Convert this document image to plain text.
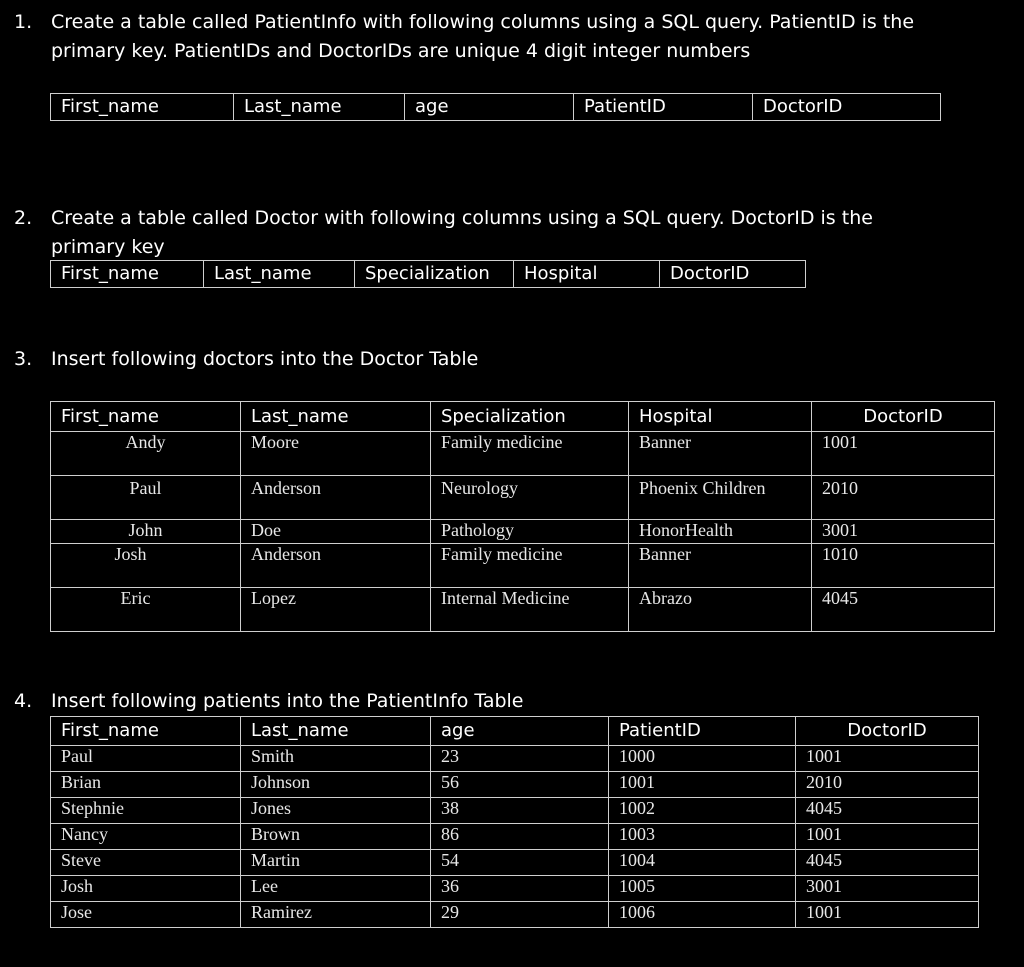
1. Create a table called PatientInfo with following columns using a SQL query. PatientID is the primary key. PatientIDs and DoctorIDs are unique 4 digit integer numbers
First_name	Last_name	age	PatientID	DoctorID
2. Create a table called Doctor with following columns using a SQL query. DoctorID is the primary key
First_name	Last_name	Specialization	Hospital	DoctorID
3. Insert following doctors into the Doctor Table
First_name	Last_name	Specialization	Hospital	DoctorID
Andy	Moore	Family medicine	Banner	1001
Paul	Anderson	Neurology	Phoenix Children	2010
John	Doe	Pathology	HonorHealth	3001
Josh	Anderson	Family medicine	Banner	1010
Eric	Lopez	Internal Medicine	Abrazo	4045
4. Insert following patients into the PatientInfo Table
First_name	Last_name	age	PatientID	DoctorID
Paul	Smith	23	1000	1001
Brian	Johnson	56	1001	2010
Stephnie	Jones	38	1002	4045
Nancy	Brown	86	1003	1001
Steve	Martin	54	1004	4045
Josh	Lee	36	1005	3001
Jose	Ramirez	29	1006	1001
